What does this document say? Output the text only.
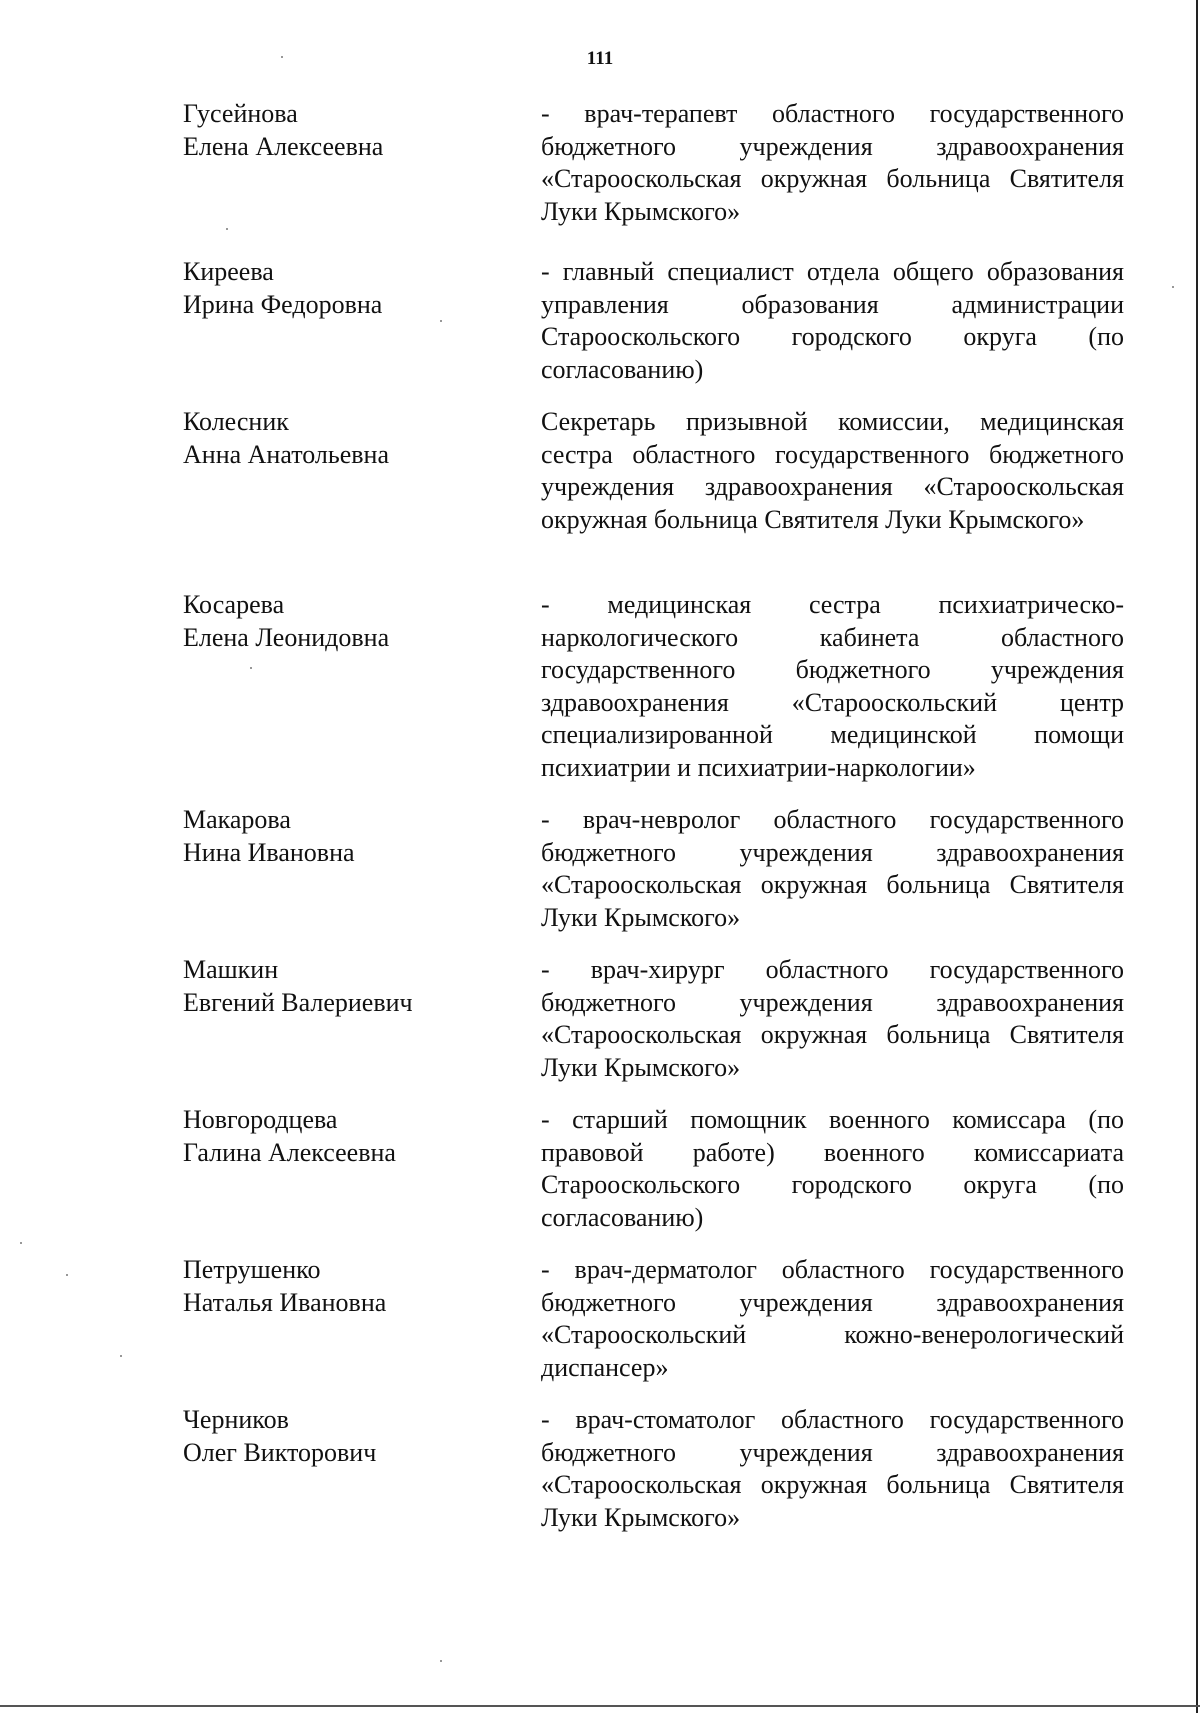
111
Гусейнова
Елена Алексеевна
- врач-терапевт областного государственного бюджетного учреждения здравоохранения «Старооскольская окружная больница Святителя Луки Крымского»
Киреева
Ирина Федоровна
- главный специалист отдела общего образования управления образования администрации Старооскольского городского округа (по согласованию)
Колесник
Анна Анатольевна
Секретарь призывной комиссии, медицинская сестра областного государственного бюджетного учреждения здравоохранения «Старооскольская окружная больница Святителя Луки Крымского»
Косарева
Елена Леонидовна
- медицинская сестра психиатрическо-наркологического кабинета областного государственного бюджетного учреждения здравоохранения «Старооскольский центр специализированной медицинской помощи психиатрии и психиатрии-наркологии»
Макарова
Нина Ивановна
- врач-невролог областного государственного бюджетного учреждения здравоохранения «Старооскольская окружная больница Святителя Луки Крымского»
Машкин
Евгений Валериевич
- врач-хирург областного государственного бюджетного учреждения здравоохранения «Старооскольская окружная больница Святителя Луки Крымского»
Новгородцева
Галина Алексеевна
- старший помощник военного комиссара (по правовой работе) военного комиссариата Старооскольского городского округа (по согласованию)
Петрушенко
Наталья Ивановна
- врач-дерматолог областного государственного бюджетного учреждения здравоохранения «Старооскольский кожно-венерологический диспансер»
Черников
Олег Викторович
- врач-стоматолог областного государственного бюджетного учреждения здравоохранения «Старооскольская окружная больница Святителя Луки Крымского»
